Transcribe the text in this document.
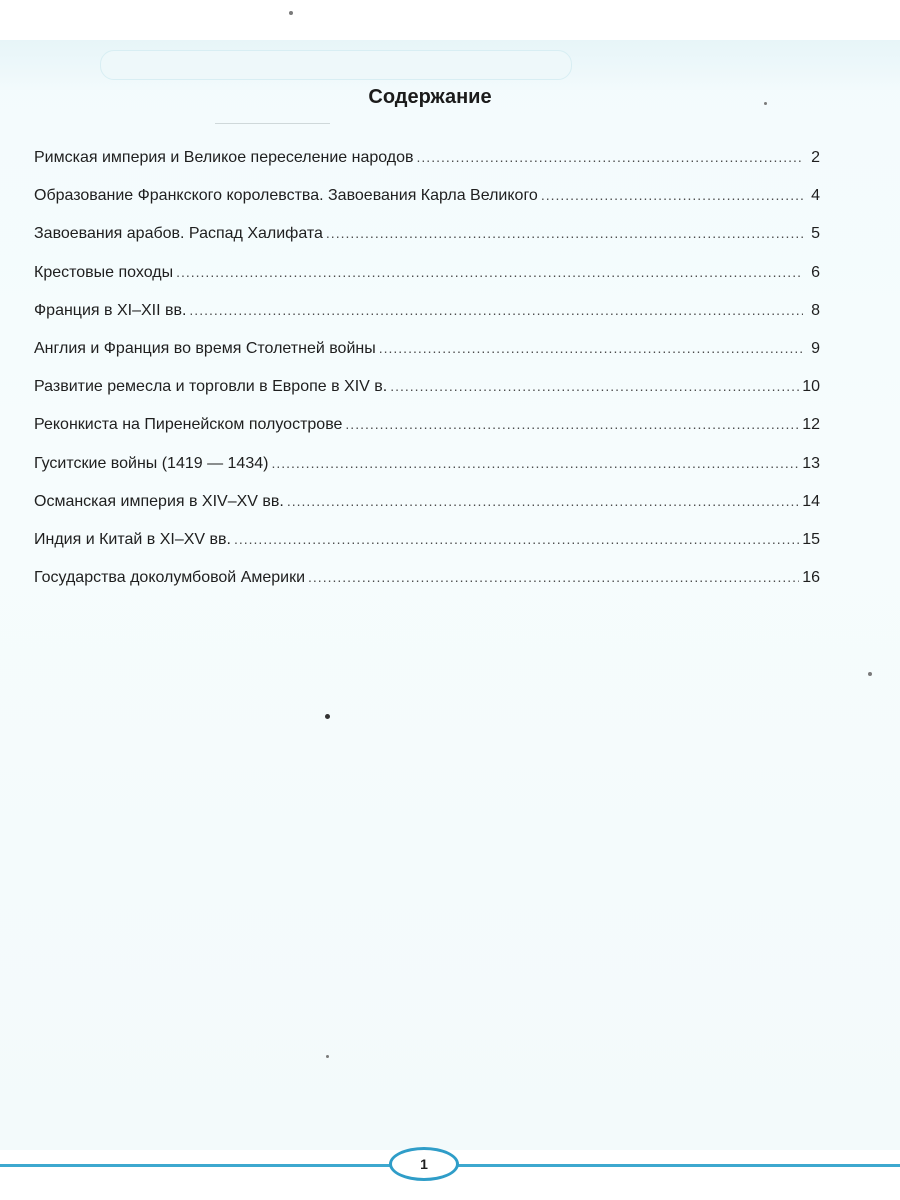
Содержание
Римская империя и Великое переселение народов .....	2
Образование Франкского королевства. Завоевания Карла Великого .....	4
Завоевания арабов. Распад Халифата .....	5
Крестовые походы .....	6
Франция в XI–XII вв. .....	8
Англия и Франция во время Столетней войны .....	9
Развитие ремесла и торговли в Европе в XIV в. .....	10
Реконкиста на Пиренейском полуострове .....	12
Гуситские войны (1419 — 1434) .....	13
Османская империя в XIV–XV вв. .....	14
Индия и Китай в XI–XV вв. .....	15
Государства доколумбовой Америки .....	16
1
